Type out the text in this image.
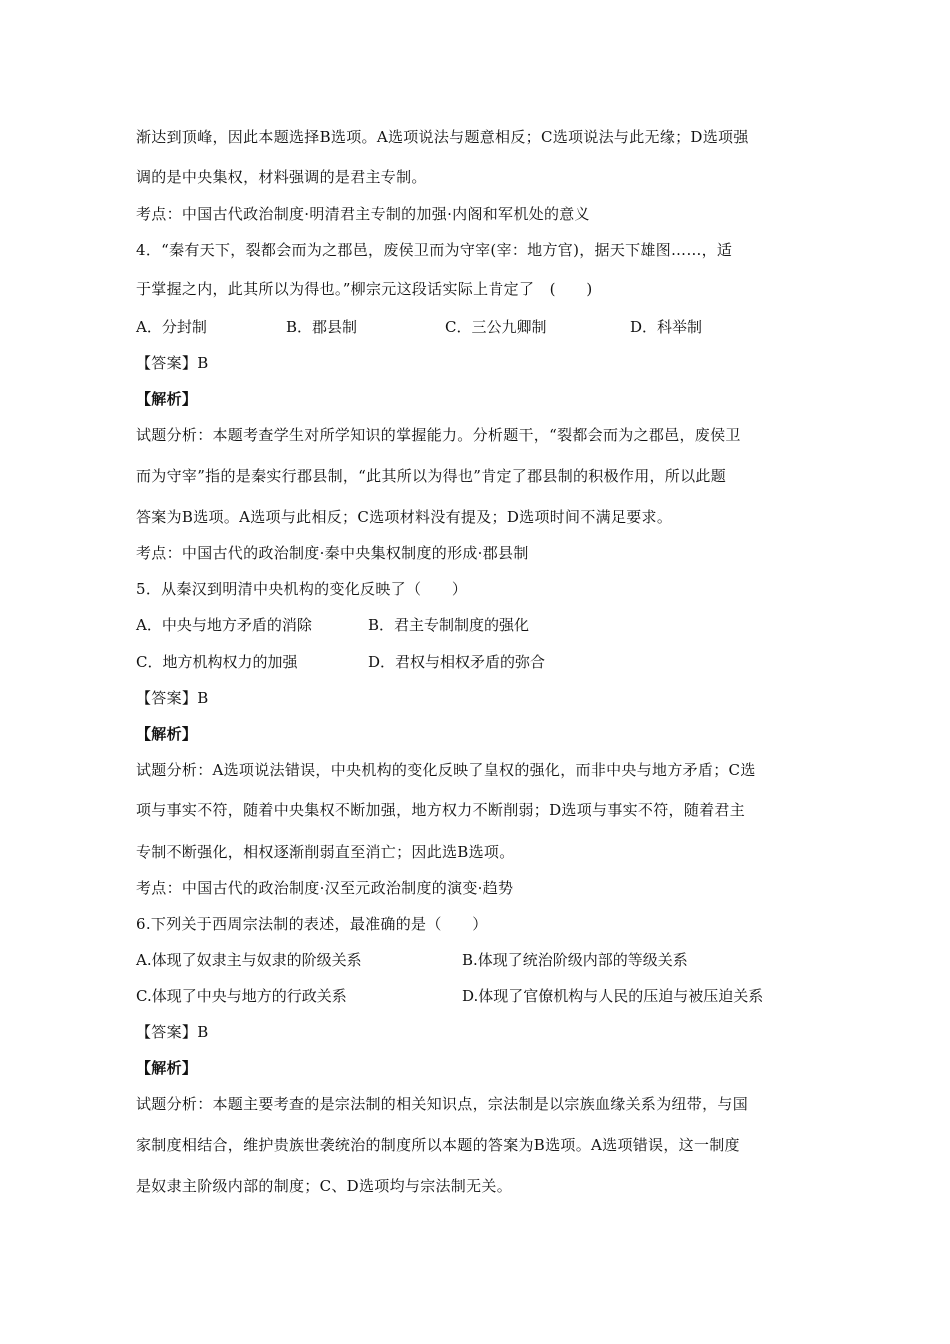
渐达到顶峰，因此本题选择B选项。A选项说法与题意相反；C选项说法与此无缘；D选项强
调的是中央集权，材料强调的是君主专制。
考点：中国古代政治制度·明清君主专制的加强·内阁和军机处的意义
4．“秦有天下，裂都会而为之郡邑，废侯卫而为守宰(宰：地方官)，据天下雄图……，适
于掌握之内，此其所以为得也。”柳宗元这段话实际上肯定了　(　　)
A．分封制	B．郡县制	C．三公九卿制	D．科举制
【答案】B
【解析】
试题分析：本题考查学生对所学知识的掌握能力。分析题干，“裂都会而为之郡邑，废侯卫
而为守宰”指的是秦实行郡县制，“此其所以为得也”肯定了郡县制的积极作用，所以此题
答案为B选项。A选项与此相反；C选项材料没有提及；D选项时间不满足要求。
考点：中国古代的政治制度·秦中央集权制度的形成·郡县制
5．从秦汉到明清中央机构的变化反映了（　　）
A．中央与地方矛盾的消除	B．君主专制制度的强化
C．地方机构权力的加强	D．君权与相权矛盾的弥合
【答案】B
【解析】
试题分析：A选项说法错误，中央机构的变化反映了皇权的强化，而非中央与地方矛盾；C选
项与事实不符，随着中央集权不断加强，地方权力不断削弱；D选项与事实不符，随着君主
专制不断强化，相权逐渐削弱直至消亡；因此选B选项。
考点：中国古代的政治制度·汉至元政治制度的演变·趋势
6.下列关于西周宗法制的表述，最准确的是（　　）
A.体现了奴隶主与奴隶的阶级关系	B.体现了统治阶级内部的等级关系
C.体现了中央与地方的行政关系	D.体现了官僚机构与人民的压迫与被压迫关系
【答案】B
【解析】
试题分析：本题主要考查的是宗法制的相关知识点，宗法制是以宗族血缘关系为纽带，与国
家制度相结合，维护贵族世袭统治的制度所以本题的答案为B选项。A选项错误，这一制度
是奴隶主阶级内部的制度；C、D选项均与宗法制无关。
